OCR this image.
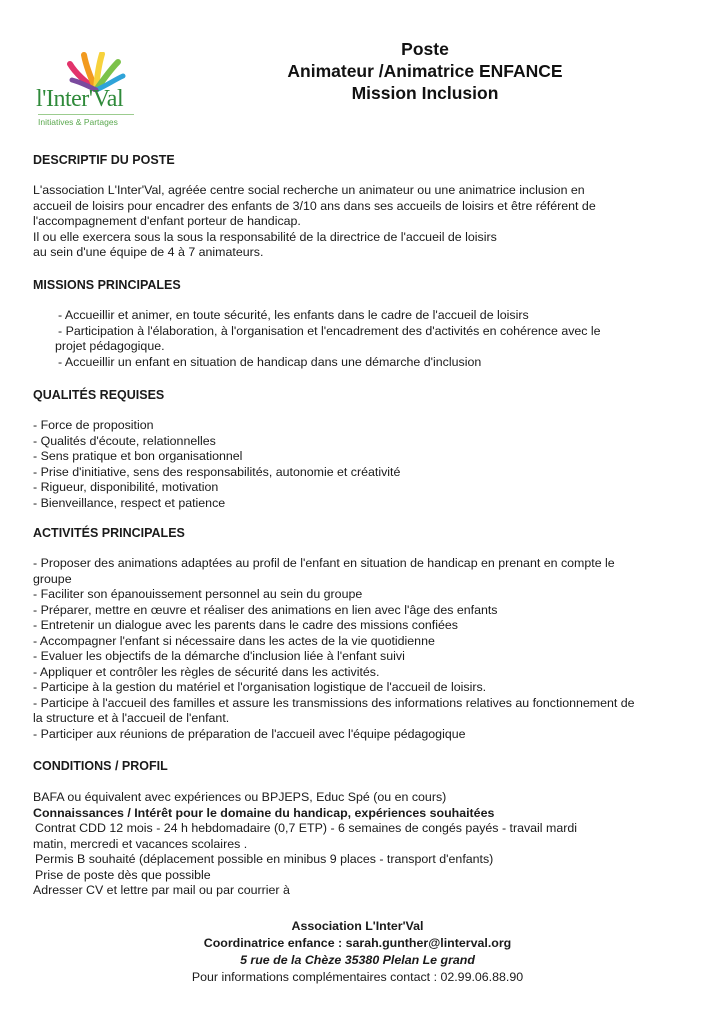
l'Inter'Val
Initiatives & Partages
Poste
Animateur /Animatrice ENFANCE
Mission Inclusion
DESCRIPTIF DU POSTE
L'association L'Inter'Val, agréée centre social recherche un animateur ou une animatrice inclusion en
accueil de loisirs pour encadrer des enfants de 3/10 ans dans ses accueils de loisirs et être référent de
l'accompagnement d'enfant porteur de handicap.
Il ou elle exercera sous la sous la responsabilité de la directrice de l'accueil de loisirs
au sein d'une équipe de 4 à 7 animateurs.
MISSIONS PRINCIPALES
- Accueillir et animer, en toute sécurité, les enfants dans le cadre de l'accueil de loisirs
- Participation à l'élaboration, à l'organisation et l'encadrement des d'activités en cohérence avec le
projet pédagogique.
- Accueillir un enfant en situation de handicap dans une démarche d'inclusion
QUALITÉS REQUISES
- Force de proposition
- Qualités d'écoute, relationnelles
- Sens pratique et bon organisationnel
- Prise d'initiative, sens des responsabilités, autonomie et créativité
- Rigueur, disponibilité, motivation
- Bienveillance, respect et patience
ACTIVITÉS PRINCIPALES
- Proposer des animations adaptées au profil de l'enfant en situation de handicap en prenant en compte le
groupe
- Faciliter son épanouissement personnel au sein du groupe
- Préparer, mettre en œuvre et réaliser des animations en lien avec l'âge des enfants
- Entretenir un dialogue avec les parents dans le cadre des missions confiées
- Accompagner l'enfant si nécessaire dans les actes de la vie quotidienne
- Evaluer les objectifs de la démarche d'inclusion liée à l'enfant suivi
- Appliquer et contrôler les règles de sécurité dans les activités.
- Participe à la gestion du matériel et l'organisation logistique de l'accueil de loisirs.
- Participe à l'accueil des familles et assure les transmissions des informations relatives au fonctionnement de
la structure et à l'accueil de l'enfant.
- Participer aux réunions de préparation de l'accueil avec l'équipe pédagogique
CONDITIONS / PROFIL
BAFA ou équivalent avec expériences ou BPJEPS, Educ Spé (ou en cours)
Connaissances / Intérêt pour le domaine du handicap, expériences souhaitées
Contrat CDD 12 mois - 24 h hebdomadaire (0,7 ETP) - 6 semaines de congés payés - travail mardi
matin, mercredi et vacances scolaires .
Permis B souhaité (déplacement possible en minibus 9 places - transport d'enfants)
Prise de poste dès que possible
Adresser CV et lettre par mail ou par courrier à
Association L'Inter'Val
Coordinatrice enfance : sarah.gunther@linterval.org
5 rue de la Chèze 35380 Plelan Le grand
Pour informations complémentaires contact : 02.99.06.88.90
